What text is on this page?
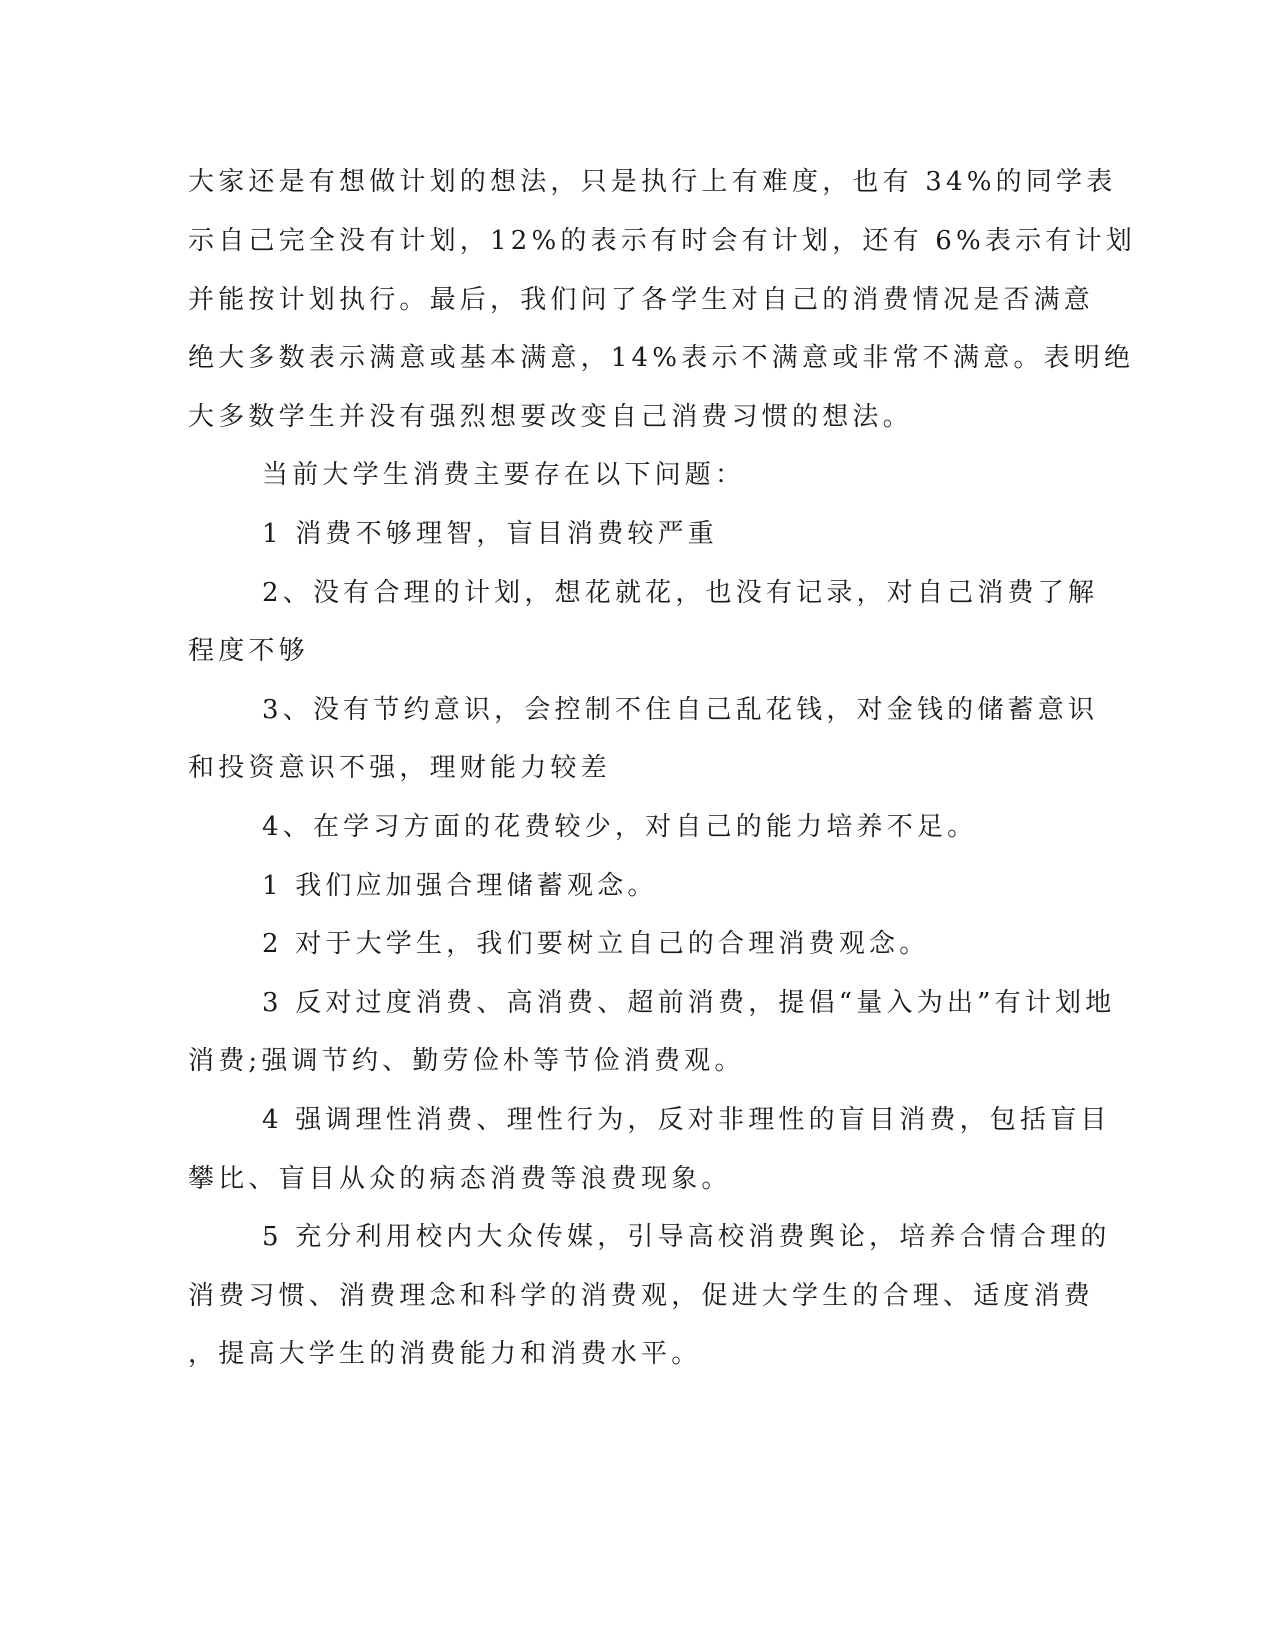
大家还是有想做计划的想法，只是执行上有难度，也有 34%的同学表

示自己完全没有计划，12%的表示有时会有计划，还有 6%表示有计划

并能按计划执行。最后，我们问了各学生对自己的消费情况是否满意

绝大多数表示满意或基本满意，14%表示不满意或非常不满意。表明绝

大多数学生并没有强烈想要改变自己消费习惯的想法。

当前大学生消费主要存在以下问题：

1 消费不够理智，盲目消费较严重

2、没有合理的计划，想花就花，也没有记录，对自己消费了解

程度不够

3、没有节约意识，会控制不住自己乱花钱，对金钱的储蓄意识

和投资意识不强，理财能力较差

4、在学习方面的花费较少，对自己的能力培养不足。

1 我们应加强合理储蓄观念。

2 对于大学生，我们要树立自己的合理消费观念。

3 反对过度消费、高消费、超前消费，提倡“量入为出”有计划地

消费;强调节约、勤劳俭朴等节俭消费观。

4 强调理性消费、理性行为，反对非理性的盲目消费，包括盲目

攀比、盲目从众的病态消费等浪费现象。

5 充分利用校内大众传媒，引导高校消费舆论，培养合情合理的

消费习惯、消费理念和科学的消费观，促进大学生的合理、适度消费

，提高大学生的消费能力和消费水平。
